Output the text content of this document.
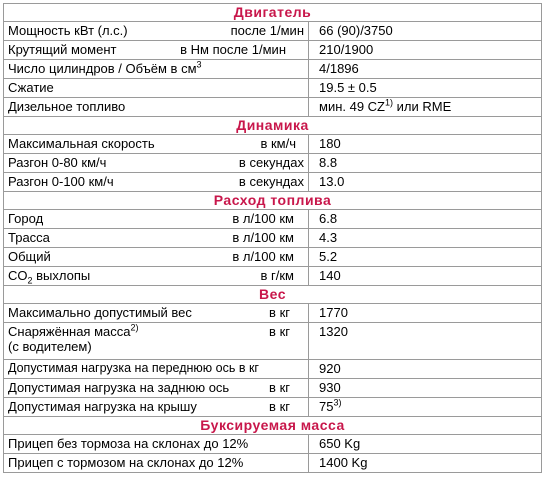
Двигатель	

Мощность кВт (л.с.) после 1/мин	66 (90)/3750

Крутящий момент в Нм после 1/мин	210/1900
Число цилиндров / Объём в $см^3$	4/1896
Сжатие	19.5 ± 0.5
Дизельное топливо	мин. 49 CZ$^{1)}$ или RME
Динамика	

Максимальная скорость в км/ч	180

Разгон 0-80 км/ч в секундах	8.8

Разгон 0-100 км/ч в секундах	13.0
Расход топлива	

Город в л/100 км	6.8

Трасса в л/100 км	4.3

Общий в л/100 км	5.2

$CO_2$ выхлопы в г/км	140
Вес	

Максимально допустимый вес в кг	1770

Снаряжённая масса$^{2)}$
(с водителем)
в кг	1320
Допустимая нагрузка на переднюю ось в кг	920

Допустимая нагрузка на заднюю ось в кг	930

Допустимая нагрузка на крышу в кг	75$^{3)}$
Буксируемая масса	
Прицеп без тормоза на склонах до 12%	650 Kg
Прицеп с тормозом на склонах до 12%	1400 Kg
